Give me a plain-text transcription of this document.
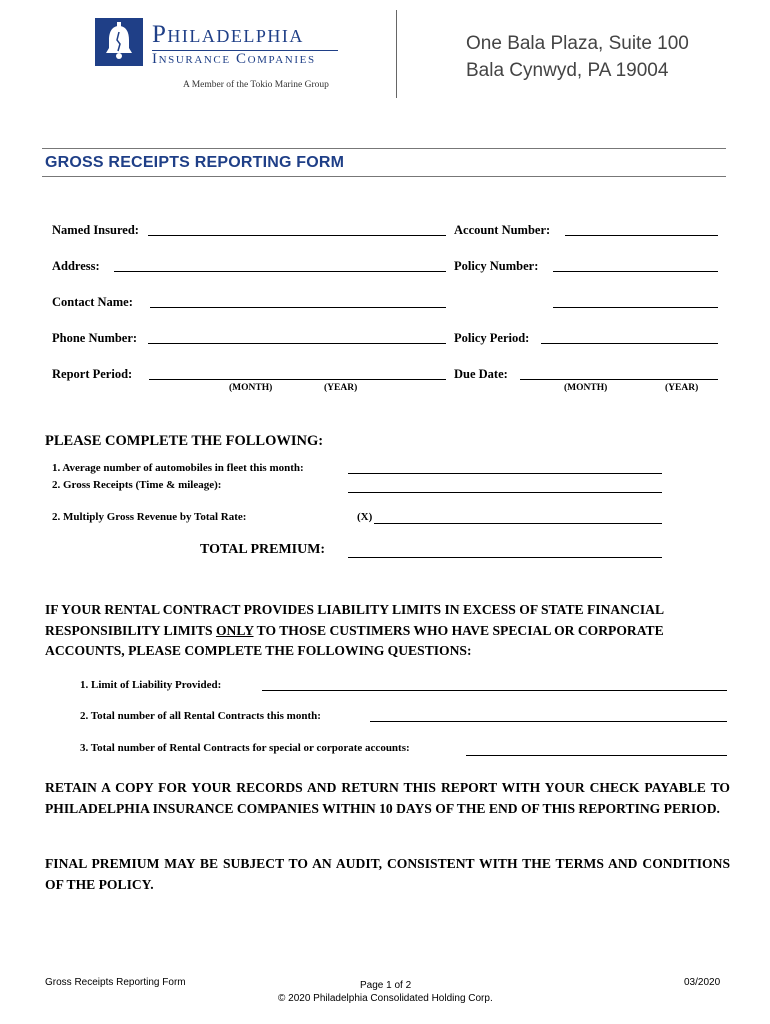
Philadelphia
Insurance Companies
A Member of the Tokio Marine Group
One Bala Plaza, Suite 100
Bala Cynwyd, PA 19004
GROSS RECEIPTS REPORTING FORM
Named Insured:	Account Number:
Address:	Policy Number:
Contact Name:
Phone Number:	Policy Period:
Report Period:	Due Date:
(MONTH)	(YEAR)	(MONTH)	(YEAR)
PLEASE COMPLETE THE FOLLOWING:
1. Average number of automobiles in fleet this month:
2. Gross Receipts (Time & mileage):
2. Multiply Gross Revenue by Total Rate:	(X)
TOTAL PREMIUM:
IF YOUR RENTAL CONTRACT PROVIDES LIABILITY LIMITS IN EXCESS OF STATE FINANCIAL RESPONSIBILITY LIMITS ONLY TO THOSE CUSTIMERS WHO HAVE SPECIAL OR CORPORATE ACCOUNTS, PLEASE COMPLETE THE FOLLOWING QUESTIONS:
1. Limit of Liability Provided:
2. Total number of all Rental Contracts this month:
3. Total number of Rental Contracts for special or corporate accounts:
RETAIN A COPY FOR YOUR RECORDS AND RETURN THIS REPORT WITH YOUR CHECK PAYABLE TO PHILADELPHIA INSURANCE COMPANIES WITHIN 10 DAYS OF THE END OF THIS REPORTING PERIOD.
FINAL PREMIUM MAY BE SUBJECT TO AN AUDIT, CONSISTENT WITH THE TERMS AND CONDITIONS OF THE POLICY.
Gross Receipts Reporting Form	Page 1 of 2
© 2020 Philadelphia Consolidated Holding Corp.
03/2020
